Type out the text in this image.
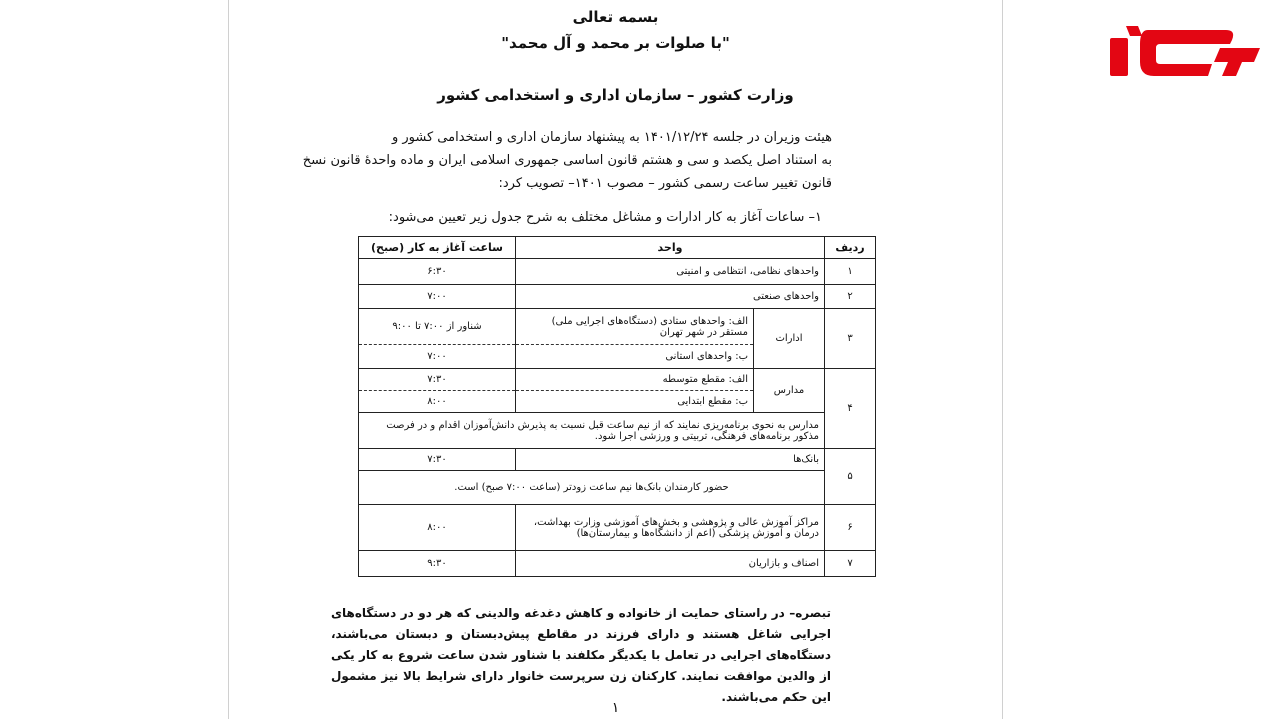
بسمه تعالی
"با صلوات بر محمد و آل محمد"
وزارت کشور – سازمان اداری و استخدامی کشور
هیئت وزیران در جلسه ۱۴۰۱/۱۲/۲۴ به پیشنهاد سازمان اداری و استخدامی کشور و
به استناد اصل یکصد و سی و هشتم قانون اساسی جمهوری اسلامی ایران و ماده واحدهٔ قانون نسخ
قانون تغییر ساعت رسمی کشور – مصوب ۱۴۰۱– تصویب کرد:
۱– ساعات آغاز به کار ادارات و مشاغل مختلف به شرح جدول زیر تعیین می‌شود:
ردیف	واحد		ساعت آغاز به کار (صبح)
۱	واحدهای نظامی، انتظامی و امنیتی		۶:۳۰
۲	واحدهای صنعتی		۷:۰۰
۳	ادارات	الف: واحدهای ستادی (دستگاه‌های اجرایی ملی) مستقر در شهر تهران	شناور از ۷:۰۰ تا ۹:۰۰
		ب: واحدهای استانی	۷:۰۰
۴	مدارس	الف: مقطع متوسطه	۷:۳۰
		ب: مقطع ابتدایی	۸:۰۰
	مدارس به نحوی برنامه‌ریزی نمایند که از نیم ساعت قبل نسبت به پذیرش دانش‌آموزان اقدام و در فرصت مذکور برنامه‌های فرهنگی، تربیتی و ورزشی اجرا شود.		
۵	بانک‌ها		۷:۳۰
	حضور کارمندان بانک‌ها نیم ساعت زودتر (ساعت ۷:۰۰ صبح) است.		
۶	مراکز آموزش عالی و پژوهشی و بخش‌های آموزشی وزارت بهداشت، درمان و آموزش پزشکی (اعم از دانشگاه‌ها و بیمارستان‌ها)		۸:۰۰
۷	اصناف و بازاریان		۹:۳۰
تبصره– در راستای حمایت از خانواده و کاهش دغدغه والدینی که هر دو در دستگاه‌های اجرایی شاغل هستند و دارای فرزند در مقاطع پیش‌دبستان و دبستان می‌باشند، دستگاه‌های اجرایی در تعامل با یکدیگر مکلفند با شناور شدن ساعت شروع به کار یکی از والدین موافقت نمایند. کارکنان زن سرپرست خانوار دارای شرایط بالا نیز مشمول این حکم می‌باشند.
۱
